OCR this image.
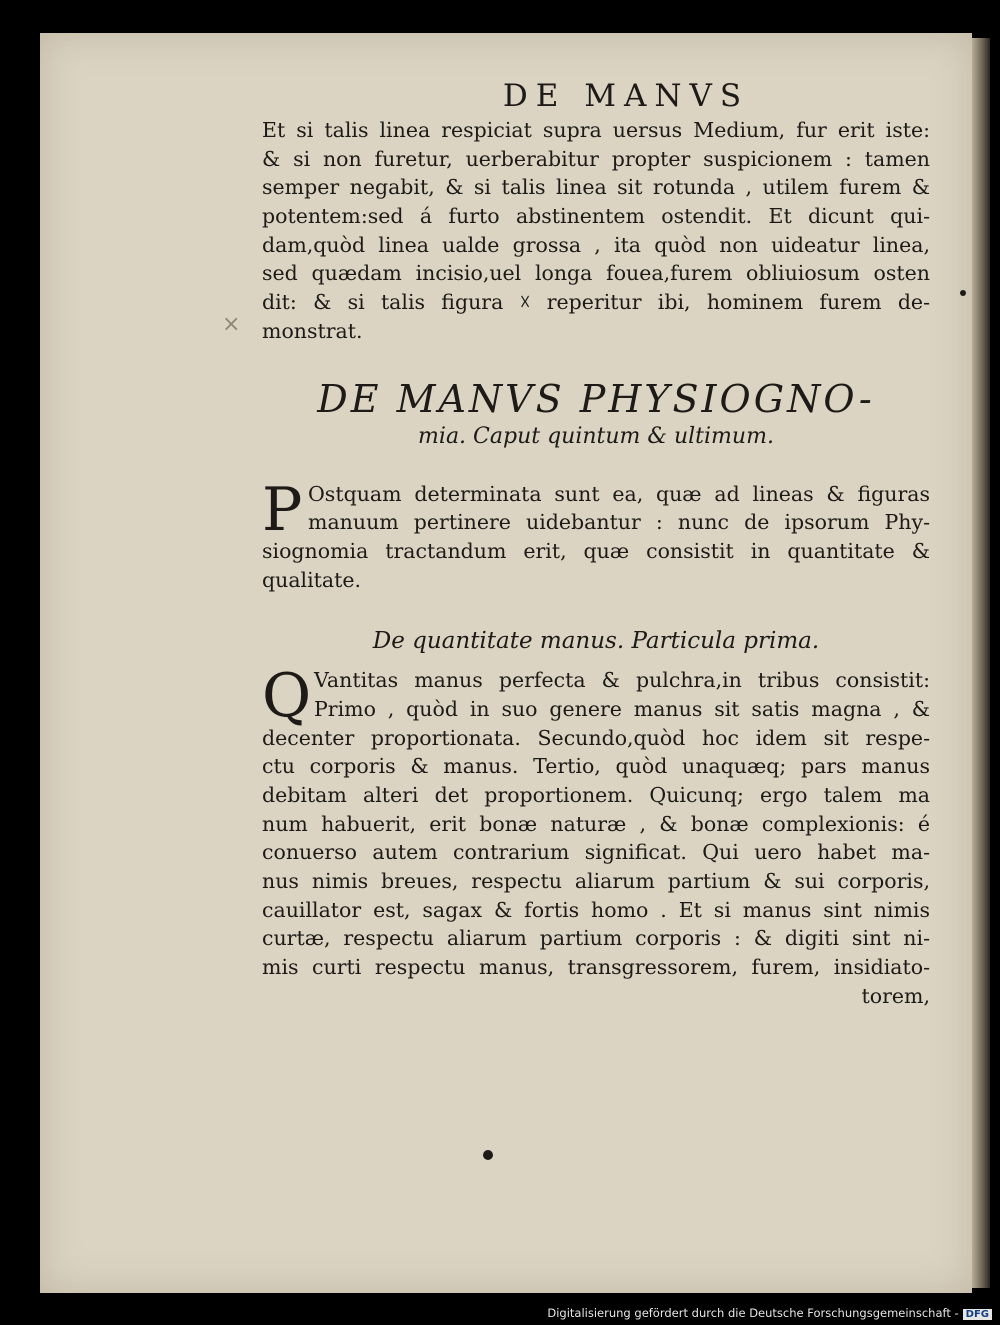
×
DE MANVS
Et si talis linea respiciat supra uersus Medium, fur erit iste:
& si non furetur, uerberabitur propter suspicionem : tamen
semper negabit, & si talis linea sit rotunda , utilem furem &
potentem:sed á furto abstinentem ostendit. Et dicunt qui-
dam,quòd linea ualde grossa , ita quòd non uideatur linea,
sed quædam incisio,uel longa fouea,furem obliuiosum osten
dit: & si talis figura ☓ reperitur ibi, hominem furem de-
monstrat.
DE MANVS PHYSIOGNO-
mia. Caput quintum & ultimum.
P Ostquam determinata sunt ea, quæ ad lineas & figuras
manuum pertinere uidebantur : nunc de ipsorum Phy-
siognomia tractandum erit, quæ consistit in quantitate &
qualitate.
De quantitate manus. Particula prima.
Q Vantitas manus perfecta & pulchra,in tribus consistit:
Primo , quòd in suo genere manus sit satis magna , &
decenter proportionata. Secundo,quòd hoc idem sit respe-
ctu corporis & manus. Tertio, quòd unaquæq; pars manus
debitam alteri det proportionem. Quicunq; ergo talem ma
num habuerit, erit bonæ naturæ , & bonæ complexionis: é
conuerso autem contrarium significat. Qui uero habet ma-
nus nimis breues, respectu aliarum partium & sui corporis,
cauillator est, sagax & fortis homo . Et si manus sint nimis
curtæ, respectu aliarum partium corporis : & digiti sint ni-
mis curti respectu manus, transgressorem, furem, insidiato-
torem,
Digitalisierung gefördert durch die Deutsche Forschungsgemeinschaft - DFG
